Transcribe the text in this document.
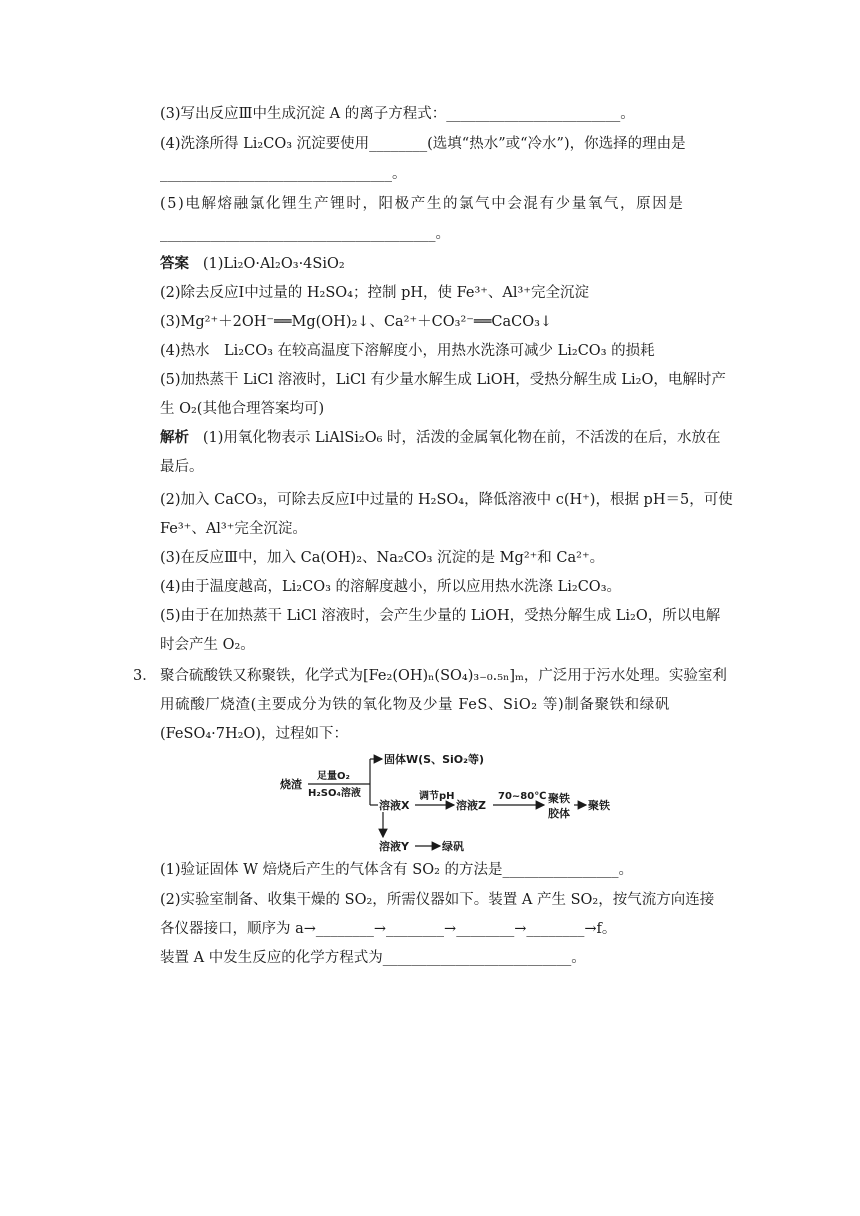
(3)写出反应Ⅲ中生成沉淀 A 的离子方程式：________________________。
(4)洗涤所得 Li₂CO₃ 沉淀要使用________(选填“热水”或“冷水”)，你选择的理由是
________________________________。
(5)电解熔融氯化锂生产锂时，阳极产生的氯气中会混有少量氧气，原因是
______________________________________。
答案 (1)Li₂O·Al₂O₃·4SiO₂
(2)除去反应Ⅰ中过量的 H₂SO₄；控制 pH，使 Fe³⁺、Al³⁺完全沉淀
(3)Mg²⁺＋2OH⁻══Mg(OH)₂↓、Ca²⁺＋CO₃²⁻══CaCO₃↓
(4)热水　Li₂CO₃ 在较高温度下溶解度小，用热水洗涤可减少 Li₂CO₃ 的损耗
(5)加热蒸干 LiCl 溶液时，LiCl 有少量水解生成 LiOH，受热分解生成 Li₂O，电解时产
生 O₂(其他合理答案均可)
解析 (1)用氧化物表示 LiAlSi₂O₆ 时，活泼的金属氧化物在前，不活泼的在后，水放在
最后。
(2)加入 CaCO₃，可除去反应Ⅰ中过量的 H₂SO₄，降低溶液中 c(H⁺)，根据 pH＝5，可使
Fe³⁺、Al³⁺完全沉淀。
(3)在反应Ⅲ中，加入 Ca(OH)₂、Na₂CO₃ 沉淀的是 Mg²⁺和 Ca²⁺。
(4)由于温度越高，Li₂CO₃ 的溶解度越小，所以应用热水洗涤 Li₂CO₃。
(5)由于在加热蒸干 LiCl 溶液时，会产生少量的 LiOH，受热分解生成 Li₂O，所以电解
时会产生 O₂。
3． 聚合硫酸铁又称聚铁，化学式为[Fe₂(OH)ₙ(SO₄)₃₋₀.₅ₙ]ₘ，广泛用于污水处理。实验室利
用硫酸厂烧渣(主要成分为铁的氧化物及少量 FeS、SiO₂ 等)制备聚铁和绿矾
(FeSO₄·7H₂O)，过程如下：
烧渣
足量O₂
H₂SO₄溶液
固体W(S、SiO₂等)
溶液X
调节pH
溶液Z
70~80℃ 聚铁
胶体
聚铁
溶液Y	绿矾
(1)验证固体 W 焙烧后产生的气体含有 SO₂ 的方法是________________。
(2)实验室制备、收集干燥的 SO₂，所需仪器如下。装置 A 产生 SO₂，按气流方向连接
各仪器接口，顺序为 a→________→________→________→________→f。
装置 A 中发生反应的化学方程式为__________________________。
